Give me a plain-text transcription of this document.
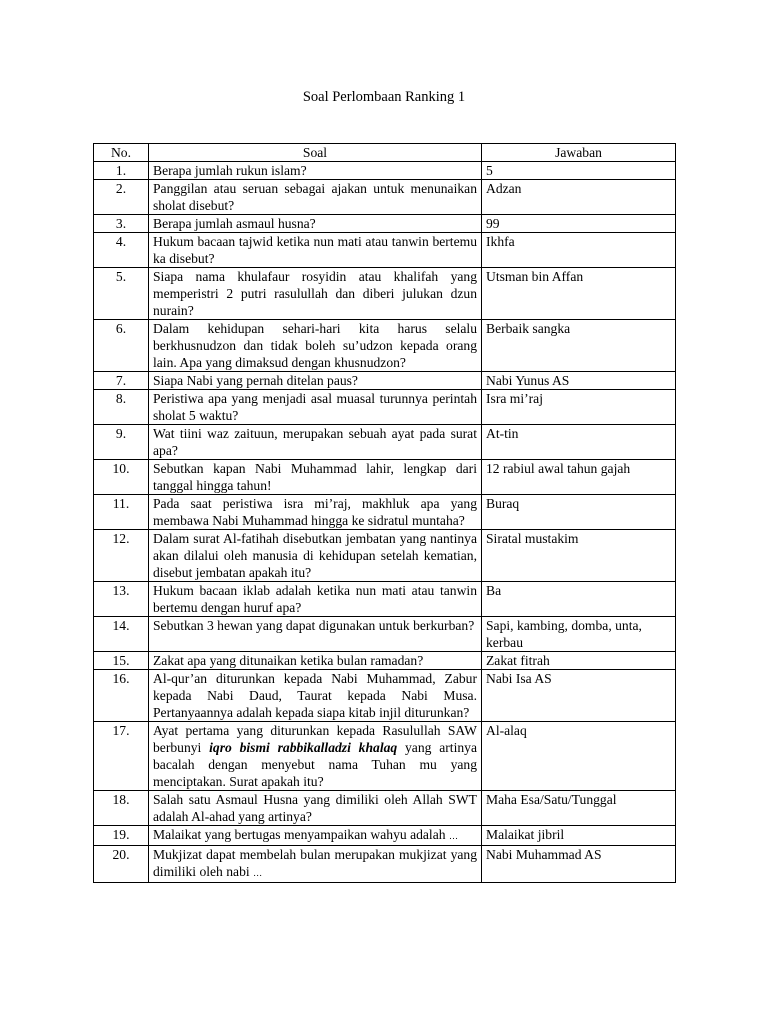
Soal Perlombaan Ranking 1
No.	Soal	Jawaban
1.	Berapa jumlah rukun islam?	5
2.	Panggilan atau seruan sebagai ajakan untuk menunaikan sholat disebut?	Adzan
3.	Berapa jumlah asmaul husna?	99
4.	Hukum bacaan tajwid ketika nun mati atau tanwin bertemu ka disebut?	Ikhfa
5.	Siapa nama khulafaur rosyidin atau khalifah yang memperistri 2 putri rasulullah dan diberi julukan dzun nurain?	Utsman bin Affan
6.	Dalam kehidupan sehari-hari kita harus selalu berkhusnudzon dan tidak boleh su’udzon kepada orang lain. Apa yang dimaksud dengan khusnudzon?	Berbaik sangka
7.	Siapa Nabi yang pernah ditelan paus?	Nabi Yunus AS
8.	Peristiwa apa yang menjadi asal muasal turunnya perintah sholat 5 waktu?	Isra mi’raj
9.	Wat tiini waz zaituun, merupakan sebuah ayat pada surat apa?	At-tin
10.	Sebutkan kapan Nabi Muhammad lahir, lengkap dari tanggal hingga tahun!	12 rabiul awal tahun gajah
11.	Pada saat peristiwa isra mi’raj, makhluk apa yang membawa Nabi Muhammad hingga ke sidratul muntaha?	Buraq
12.	Dalam surat Al-fatihah disebutkan jembatan yang nantinya akan dilalui oleh manusia di kehidupan setelah kematian, disebut jembatan apakah itu?	Siratal mustakim
13.	Hukum bacaan iklab adalah ketika nun mati atau tanwin bertemu dengan huruf apa?	Ba
14.	Sebutkan 3 hewan yang dapat digunakan untuk berkurban?	Sapi, kambing, domba, unta, kerbau
15.	Zakat apa yang ditunaikan ketika bulan ramadan?	Zakat fitrah
16.	Al-qur’an diturunkan kepada Nabi Muhammad, Zabur kepada Nabi Daud, Taurat kepada Nabi Musa. Pertanyaannya adalah kepada siapa kitab injil diturunkan?	Nabi Isa AS
17.	Ayat pertama yang diturunkan kepada Rasulullah SAW berbunyi iqro bismi rabbikalladzi khalaq yang artinya bacalah dengan menyebut nama Tuhan mu yang menciptakan. Surat apakah itu?	Al-alaq
18.	Salah satu Asmaul Husna yang dimiliki oleh Allah SWT adalah Al-ahad yang artinya?	Maha Esa/Satu/Tunggal
19.	Malaikat yang bertugas menyampaikan wahyu adalah …	Malaikat jibril
20.	Mukjizat dapat membelah bulan merupakan mukjizat yang dimiliki oleh nabi …	Nabi Muhammad AS
